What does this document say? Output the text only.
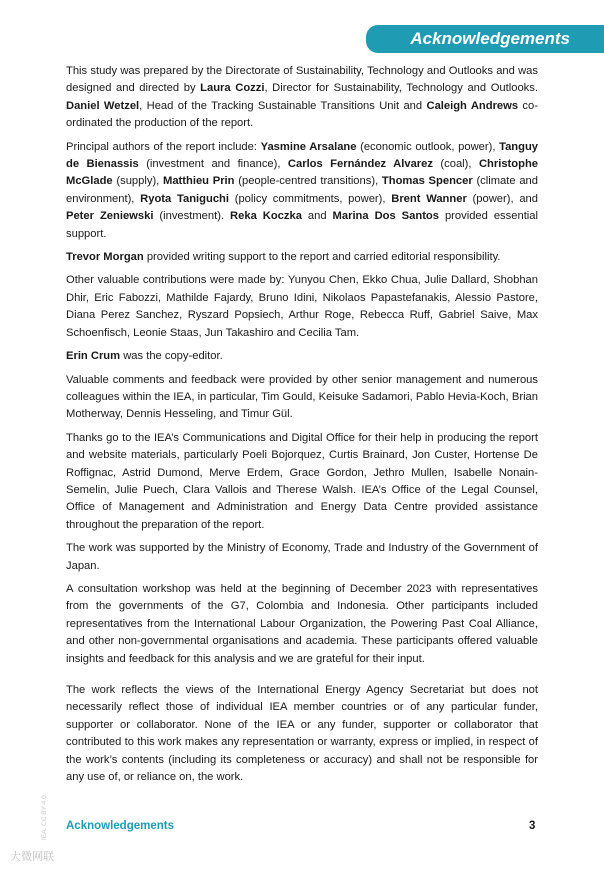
Acknowledgements

This study was prepared by the Directorate of Sustainability, Technology and Outlooks and was designed and directed by Laura Cozzi, Director for Sustainability, Technology and Outlooks. Daniel Wetzel, Head of the Tracking Sustainable Transitions Unit and Caleigh Andrews co-ordinated the production of the report.

Principal authors of the report include: Yasmine Arsalane (economic outlook, power), Tanguy de Bienassis (investment and finance), Carlos Fernández Alvarez (coal), Christophe McGlade (supply), Matthieu Prin (people-centred transitions), Thomas Spencer (climate and environment), Ryota Taniguchi (policy commitments, power), Brent Wanner (power), and Peter Zeniewski (investment). Reka Koczka and Marina Dos Santos provided essential support.

Trevor Morgan provided writing support to the report and carried editorial responsibility.

Other valuable contributions were made by: Yunyou Chen, Ekko Chua, Julie Dallard, Shobhan Dhir, Eric Fabozzi, Mathilde Fajardy, Bruno Idini, Nikolaos Papastefanakis, Alessio Pastore, Diana Perez Sanchez, Ryszard Popsiech, Arthur Roge, Rebecca Ruff, Gabriel Saive, Max Schoenfisch, Leonie Staas, Jun Takashiro and Cecilia Tam.

Erin Crum was the copy-editor.

Valuable comments and feedback were provided by other senior management and numerous colleagues within the IEA, in particular, Tim Gould, Keisuke Sadamori, Pablo Hevia-Koch, Brian Motherway, Dennis Hesseling, and Timur Gül.

Thanks go to the IEA’s Communications and Digital Office for their help in producing the report and website materials, particularly Poeli Bojorquez, Curtis Brainard, Jon Custer, Hortense De Roffignac, Astrid Dumond, Merve Erdem, Grace Gordon, Jethro Mullen, Isabelle Nonain-Semelin, Julie Puech, Clara Vallois and Therese Walsh. IEA’s Office of the Legal Counsel, Office of Management and Administration and Energy Data Centre provided assistance throughout the preparation of the report.

The work was supported by the Ministry of Economy, Trade and Industry of the Government of Japan.

A consultation workshop was held at the beginning of December 2023 with representatives from the governments of the G7, Colombia and Indonesia. Other participants included representatives from the International Labour Organization, the Powering Past Coal Alliance, and other non-governmental organisations and academia. These participants offered valuable insights and feedback for this analysis and we are grateful for their input.

The work reflects the views of the International Energy Agency Secretariat but does not necessarily reflect those of individual IEA member countries or of any particular funder, supporter or collaborator. None of the IEA or any funder, supporter or collaborator that contributed to this work makes any representation or warranty, express or implied, in respect of the work’s contents (including its completeness or accuracy) and shall not be responsible for any use of, or reliance on, the work.

Acknowledgements	3
IEA. CC BY 4.0.
大微网联
